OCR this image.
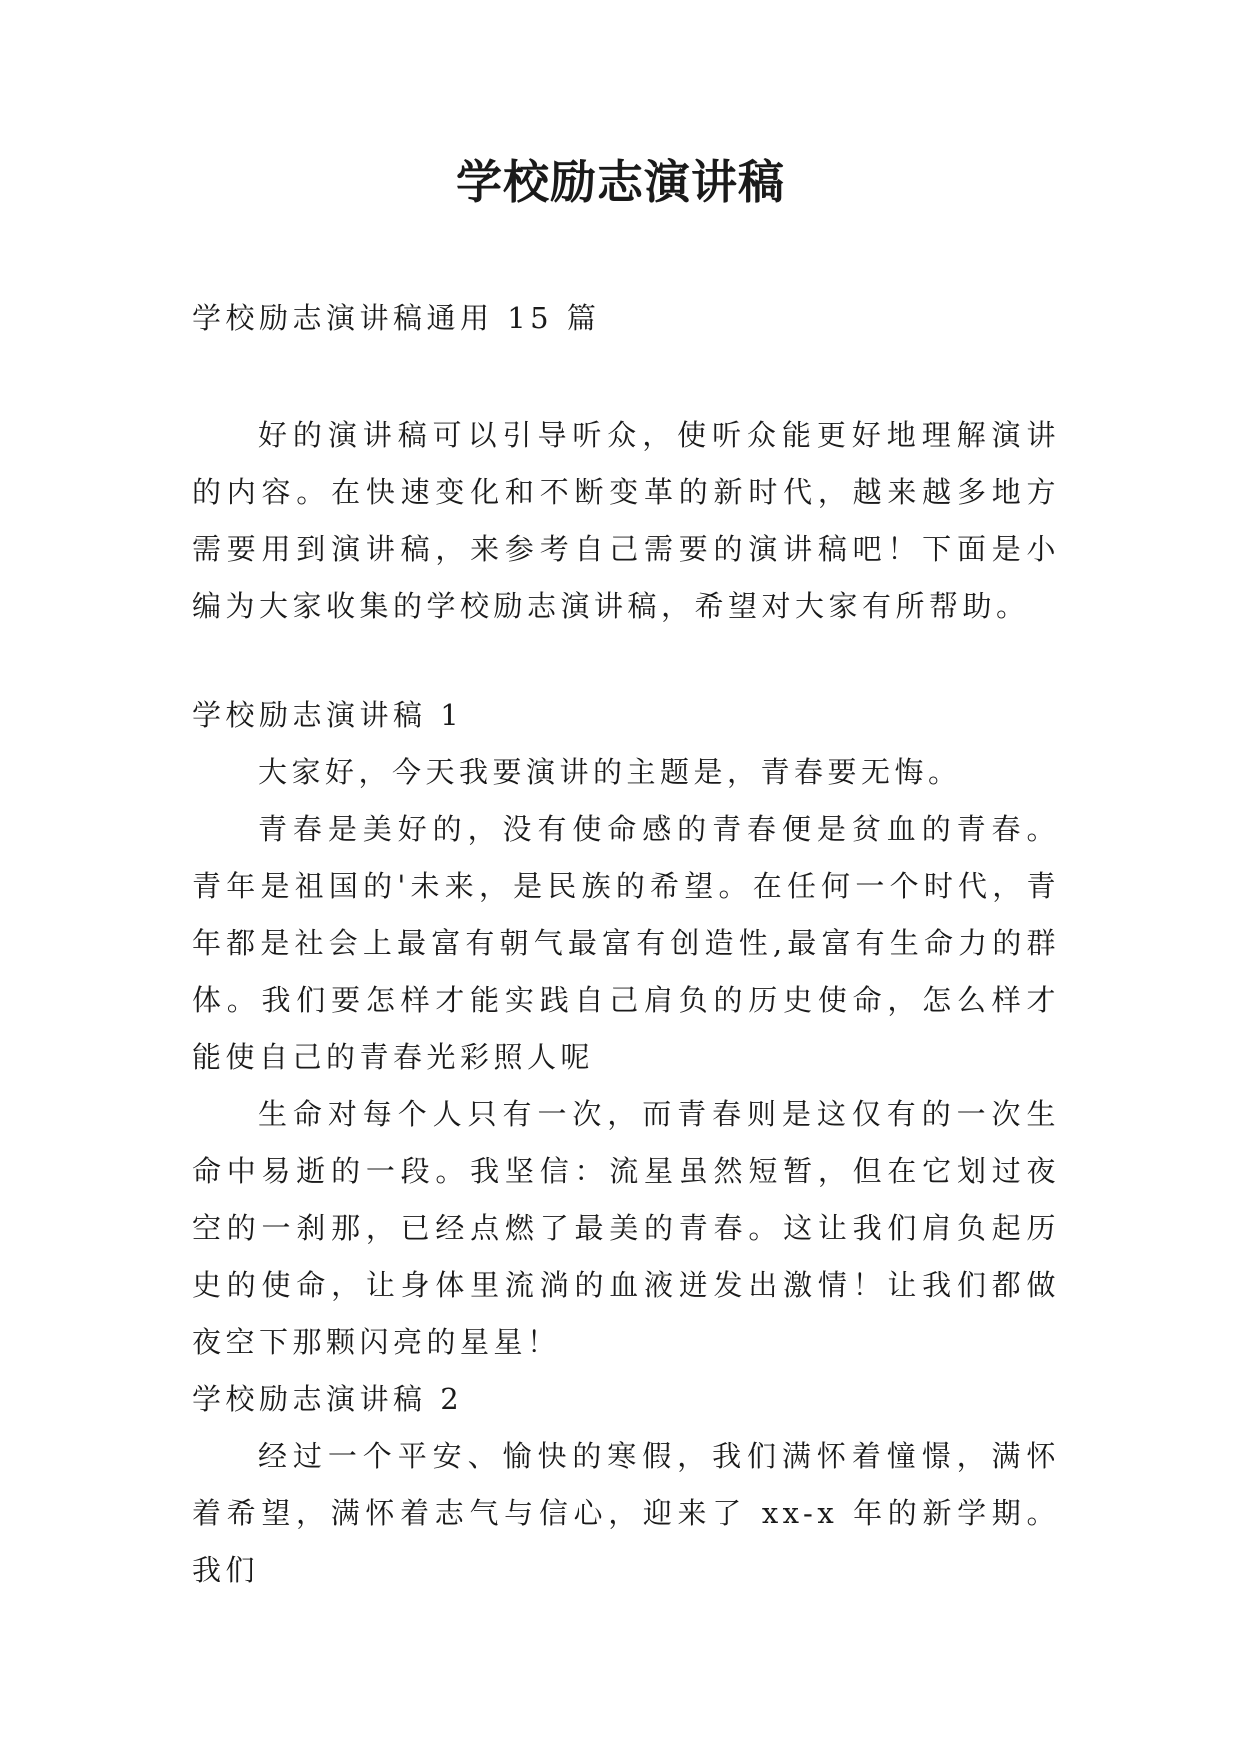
学校励志演讲稿

学校励志演讲稿通用 15 篇

好的演讲稿可以引导听众，使听众能更好地理解演讲的内容。在快速变化和不断变革的新时代，越来越多地方需要用到演讲稿，来参考自己需要的演讲稿吧！下面是小编为大家收集的学校励志演讲稿，希望对大家有所帮助。

学校励志演讲稿 1

大家好，今天我要演讲的主题是，青春要无悔。

青春是美好的，没有使命感的青春便是贫血的青春。青年是祖国的'未来，是民族的希望。在任何一个时代，青年都是社会上最富有朝气最富有创造性,最富有生命力的群体。我们要怎样才能实践自己肩负的历史使命，怎么样才能使自己的青春光彩照人呢

生命对每个人只有一次，而青春则是这仅有的一次生命中易逝的一段。我坚信：流星虽然短暂，但在它划过夜空的一刹那，已经点燃了最美的青春。这让我们肩负起历史的使命，让身体里流淌的血液迸发出激情！让我们都做夜空下那颗闪亮的星星！

学校励志演讲稿 2

经过一个平安、愉快的寒假，我们满怀着憧憬，满怀着希望，满怀着志气与信心，迎来了 xx-x 年的新学期。我们
